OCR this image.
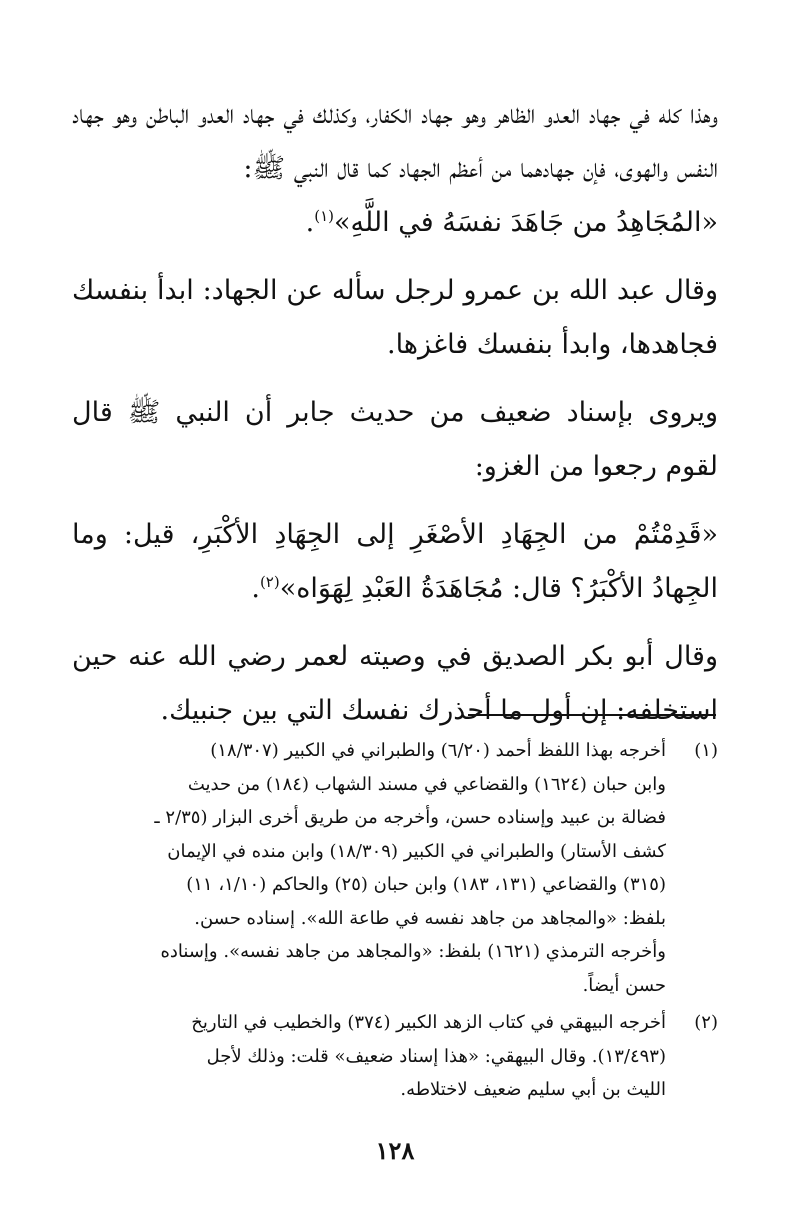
وهذا كله في جهاد العدو الظاهر وهو جهاد الكفار، وكذلك في جهاد العدو الباطن وهو جهاد النفس والهوى، فإن جهادهما من أعظم الجهاد كما قال النبي ﷺ:

«المُجَاهِدُ من جَاهَدَ نفسَهُ في اللَّهِ»$^{(١)}$.

وقال عبد الله بن عمرو لرجل سأله عن الجهاد: ابدأ بنفسك فجاهدها، وابدأ بنفسك فاغزها.

ويروى بإسناد ضعيف من حديث جابر أن النبي ﷺ قال لقوم رجعوا من الغزو:

«قَدِمْتُمْ من الجِهَادِ الأصْغَرِ إلى الجِهَادِ الأكْبَرِ، قيل: وما الجِهادُ الأكْبَرُ؟ قال: مُجَاهَدَةُ العَبْدِ لِهَوَاه»$^{(٢)}$.

وقال أبو بكر الصديق في وصيته لعمر رضي الله عنه حين استخلفه: إن أول ما أحذرك نفسك التي بين جنبيك.

(١)
أخرجه بهذا اللفظ أحمد (٦/٢٠) والطبراني في الكبير (١٨/٣٠٧)
وابن حبان (١٦٢٤) والقضاعي في مسند الشهاب (١٨٤) من حديث
فضالة بن عبيد وإسناده حسن، وأخرجه من طريق أخرى البزار (٢/٣٥ ـ
كشف الأستار) والطبراني في الكبير (١٨/٣٠٩) وابن منده في الإيمان
(٣١٥) والقضاعي (١٣١، ١٨٣) وابن حبان (٢٥) والحاكم (١/١٠، ١١)
بلفظ: «والمجاهد من جاهد نفسه في طاعة الله». إسناده حسن.
وأخرجه الترمذي (١٦٢١) بلفظ: «والمجاهد من جاهد نفسه». وإسناده
حسن أيضاً.
(٢)
أخرجه البيهقي في كتاب الزهد الكبير (٣٧٤) والخطيب في التاريخ
(١٣/٤٩٣). وقال البيهقي: «هذا إسناد ضعيف» قلت: وذلك لأجل
الليث بن أبي سليم ضعيف لاختلاطه.
١٢٨
